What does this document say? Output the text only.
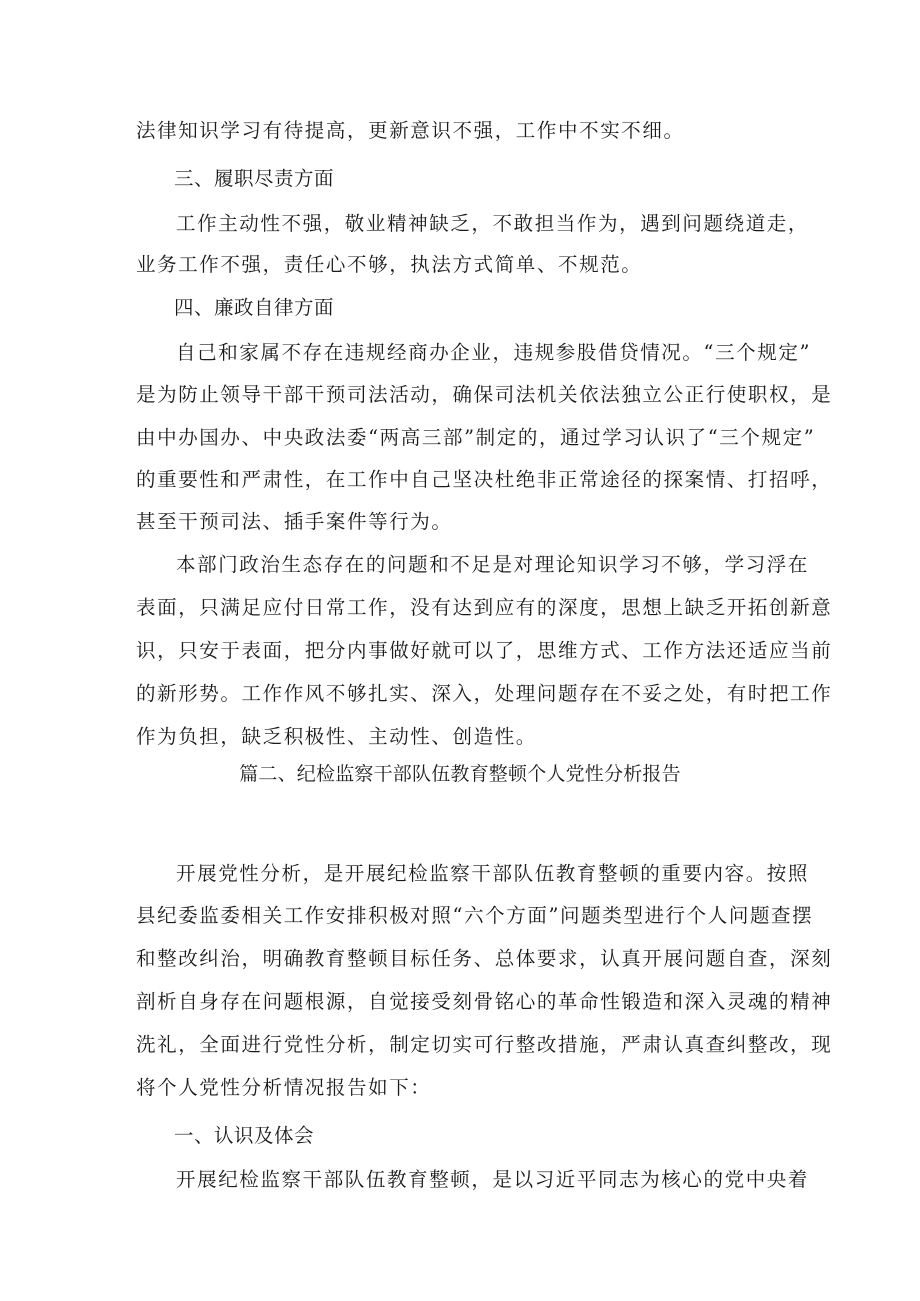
法律知识学习有待提高，更新意识不强，工作中不实不细。

三、履职尽责方面

工作主动性不强，敬业精神缺乏，不敢担当作为，遇到问题绕道走，

业务工作不强，责任心不够，执法方式简单、不规范。

四、廉政自律方面

自己和家属不存在违规经商办企业，违规参股借贷情况。“三个规定”

是为防止领导干部干预司法活动，确保司法机关依法独立公正行使职权，是

由中办国办、中央政法委“两高三部”制定的，通过学习认识了“三个规定”

的重要性和严肃性，在工作中自己坚决杜绝非正常途径的探案情、打招呼，

甚至干预司法、插手案件等行为。

本部门政治生态存在的问题和不足是对理论知识学习不够，学习浮在

表面，只满足应付日常工作，没有达到应有的深度，思想上缺乏开拓创新意

识，只安于表面，把分内事做好就可以了，思维方式、工作方法还适应当前

的新形势。工作作风不够扎实、深入，处理问题存在不妥之处，有时把工作

作为负担，缺乏积极性、主动性、创造性。

篇二、纪检监察干部队伍教育整顿个人党性分析报告

开展党性分析，是开展纪检监察干部队伍教育整顿的重要内容。按照

县纪委监委相关工作安排积极对照“六个方面”问题类型进行个人问题查摆

和整改纠治，明确教育整顿目标任务、总体要求，认真开展问题自查，深刻

剖析自身存在问题根源，自觉接受刻骨铭心的革命性锻造和深入灵魂的精神

洗礼，全面进行党性分析，制定切实可行整改措施，严肃认真查纠整改，现

将个人党性分析情况报告如下：

一、认识及体会

开展纪检监察干部队伍教育整顿，是以习近平同志为核心的党中央着
